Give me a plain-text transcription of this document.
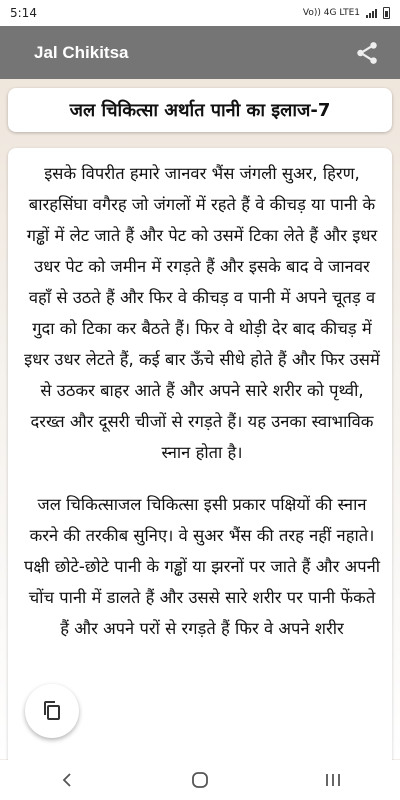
5:14	Vo)) 4G LTE1
Jal Chikitsa
जल चिकित्सा अर्थात पानी का इलाज-7

इसके विपरीत हमारे जानवर भैंस जंगली सुअर, हिरण, बारहसिंघा वगैरह जो जंगलों में रहते हैं वे कीचड़ या पानी के गड्ढों में लेट जाते हैं और पेट को उसमें टिका लेते हैं और इधर उधर पेट को जमीन में रगड़ते हैं और इसके बाद वे जानवर वहाँ से उठते हैं और फिर वे कीचड़ व पानी में अपने चूतड़ व गुदा को टिका कर बैठते हैं। फिर वे थोड़ी देर बाद कीचड़ में इधर उधर लेटते हैं, कई बार ऊँचे सीधे होते हैं और फिर उसमें से उठकर बाहर आते हैं और अपने सारे शरीर को पृथ्वी, दरख्त और दूसरी चीजों से रगड़ते हैं। यह उनका स्वाभाविक स्नान होता है।

जल चिकित्साजल चिकित्सा इसी प्रकार पक्षियों की स्नान करने की तरकीब सुनिए। वे सुअर भैंस की तरह नहीं नहाते। पक्षी छोटे-छोटे पानी के गड्ढों या झरनों पर जाते हैं और अपनी चोंच पानी में डालते हैं और उससे सारे शरीर पर पानी फेंकते हैं और अपने परों से रगड़ते हैं फिर वे अपने शरीर
